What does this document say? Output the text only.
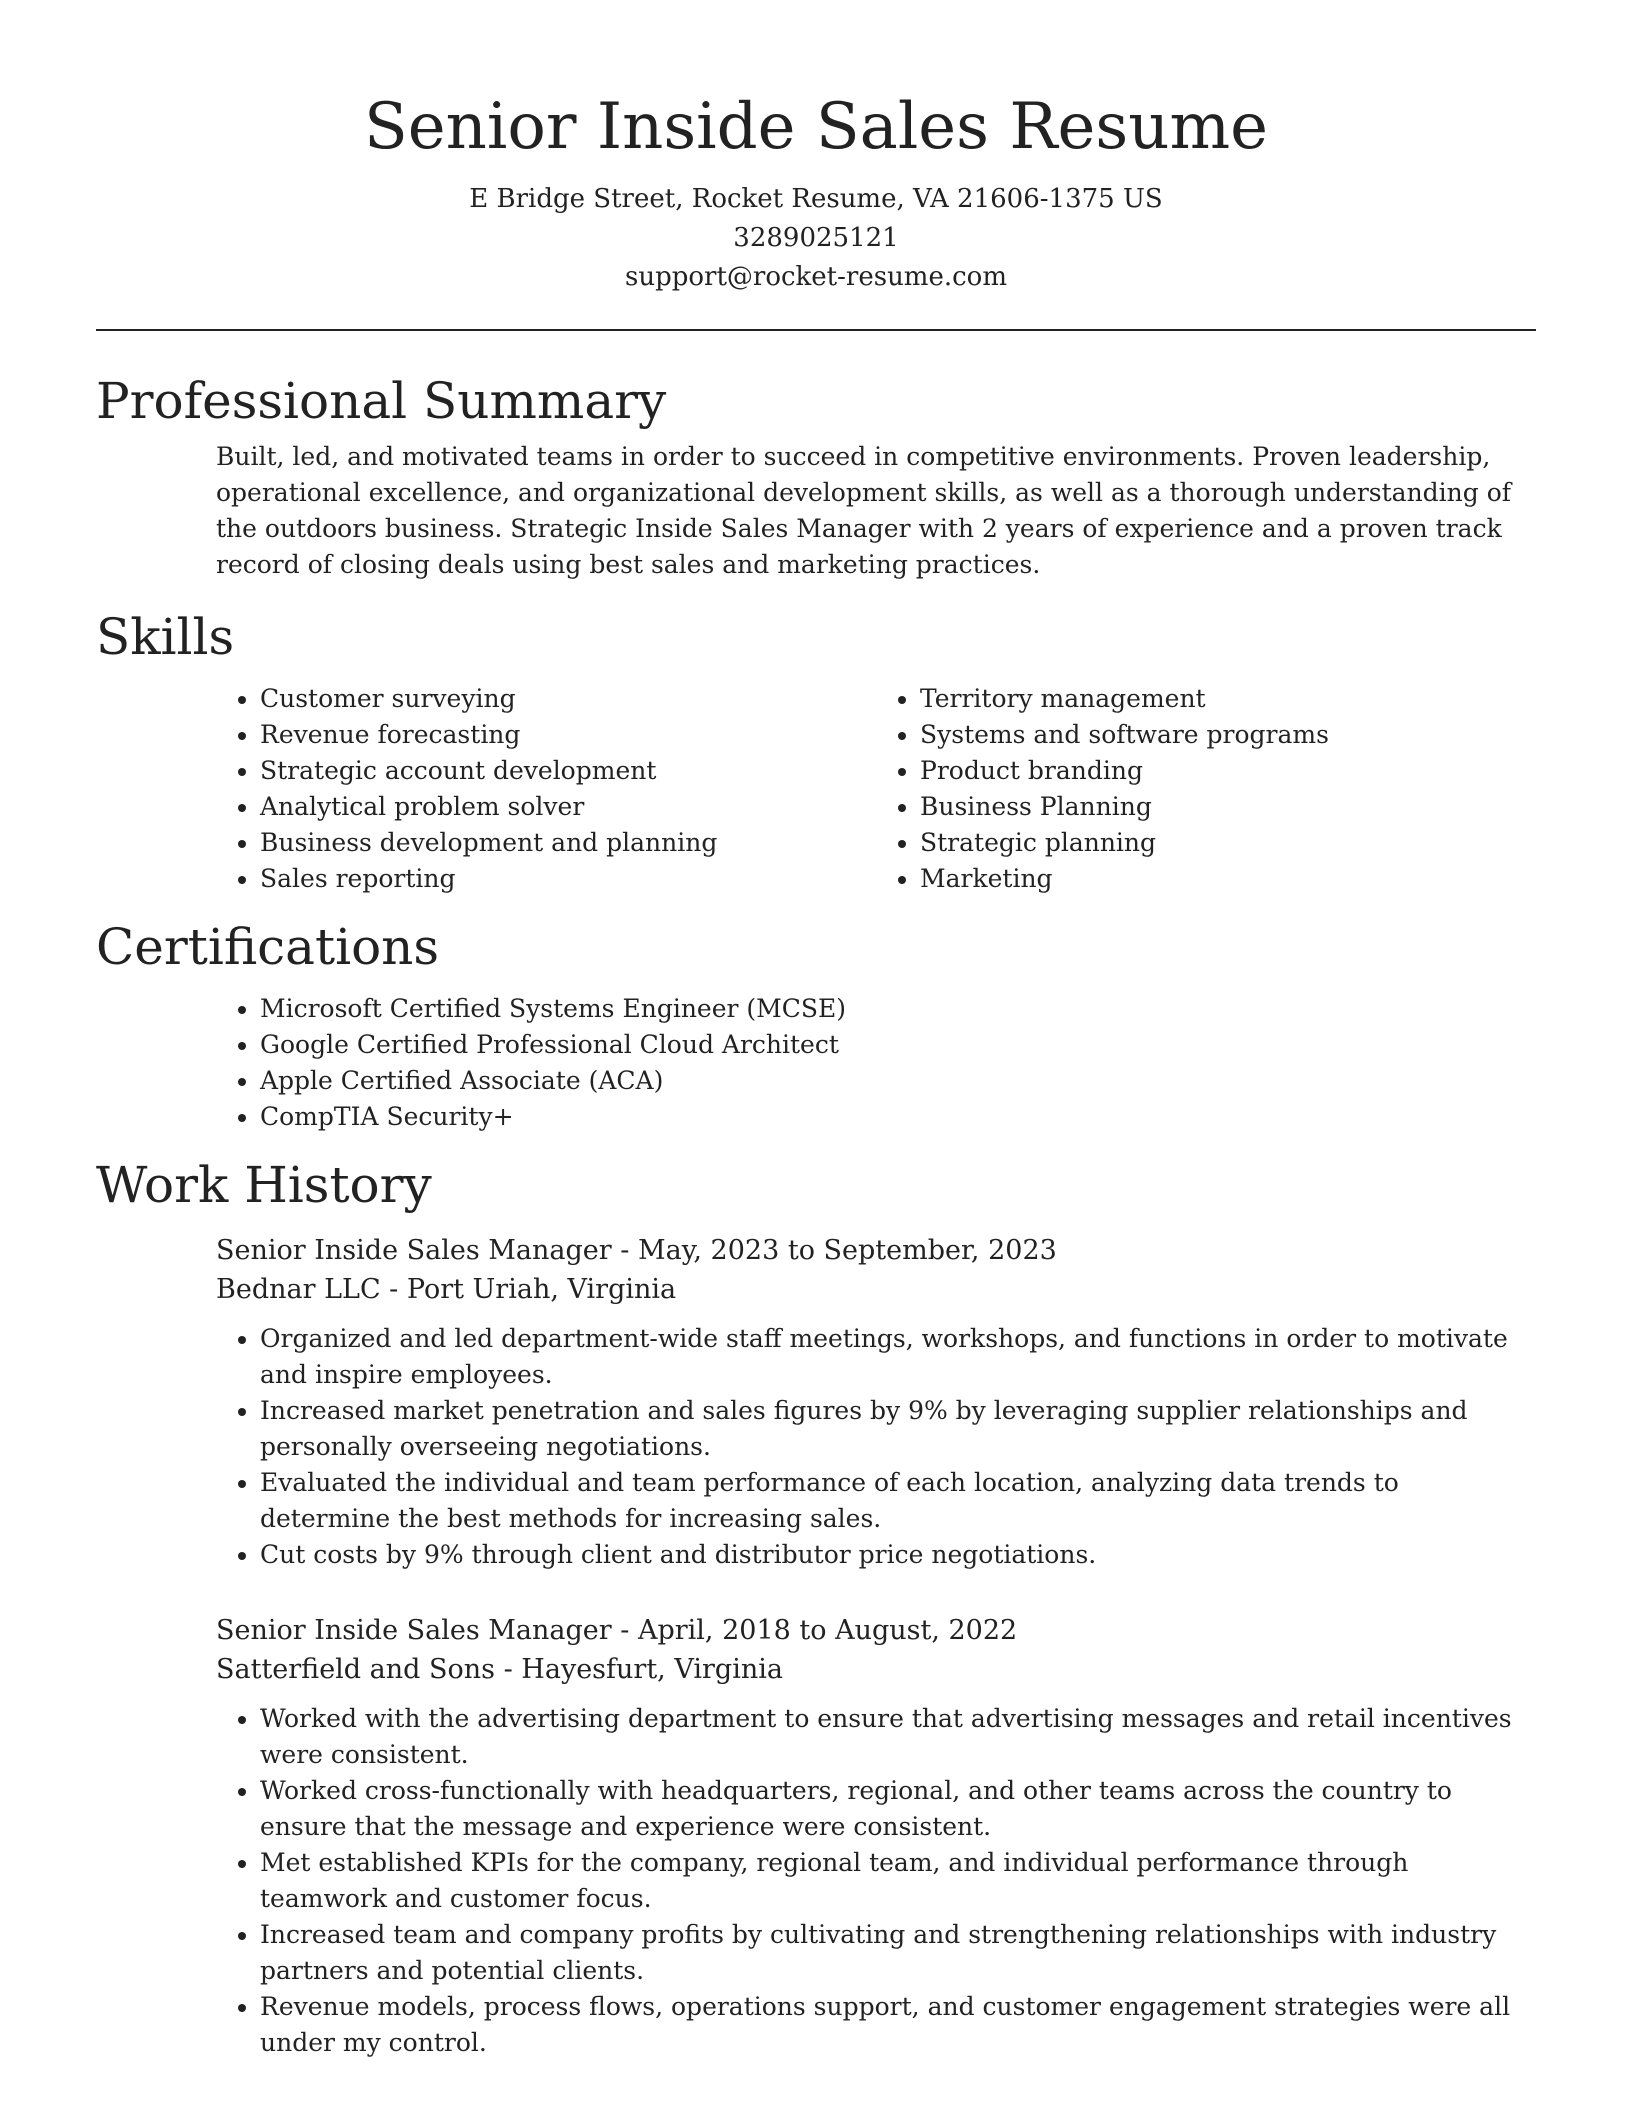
Senior Inside Sales Resume

E Bridge Street, Rocket Resume, VA 21606-1375 US

3289025121

support@rocket-resume.com

Professional Summary

Built, led, and motivated teams in order to succeed in competitive environments. Proven leadership, operational excellence, and organizational development skills, as well as a thorough understanding of the outdoors business. Strategic Inside Sales Manager with 2 years of experience and a proven track record of closing deals using best sales and marketing practices.

Skills
• Customer surveying
• Revenue forecasting
• Strategic account development
• Analytical problem solver
• Business development and planning
• Sales reporting
• Territory management
• Systems and software programs
• Product branding
• Business Planning
• Strategic planning
• Marketing
Certifications
• Microsoft Certified Systems Engineer (MCSE)
• Google Certified Professional Cloud Architect
• Apple Certified Associate (ACA)
• CompTIA Security+
Work History
Senior Inside Sales Manager - May, 2023 to September, 2023
Bednar LLC - Port Uriah, Virginia
• Organized and led department-wide staff meetings, workshops, and functions in order to motivate and inspire employees.
• Increased market penetration and sales figures by 9% by leveraging supplier relationships and personally overseeing negotiations.
• Evaluated the individual and team performance of each location, analyzing data trends to determine the best methods for increasing sales.
• Cut costs by 9% through client and distributor price negotiations.
Senior Inside Sales Manager - April, 2018 to August, 2022
Satterfield and Sons - Hayesfurt, Virginia
• Worked with the advertising department to ensure that advertising messages and retail incentives were consistent.
• Worked cross-functionally with headquarters, regional, and other teams across the country to ensure that the message and experience were consistent.
• Met established KPIs for the company, regional team, and individual performance through teamwork and customer focus.
• Increased team and company profits by cultivating and strengthening relationships with industry partners and potential clients.
• Revenue models, process flows, operations support, and customer engagement strategies were all under my control.
